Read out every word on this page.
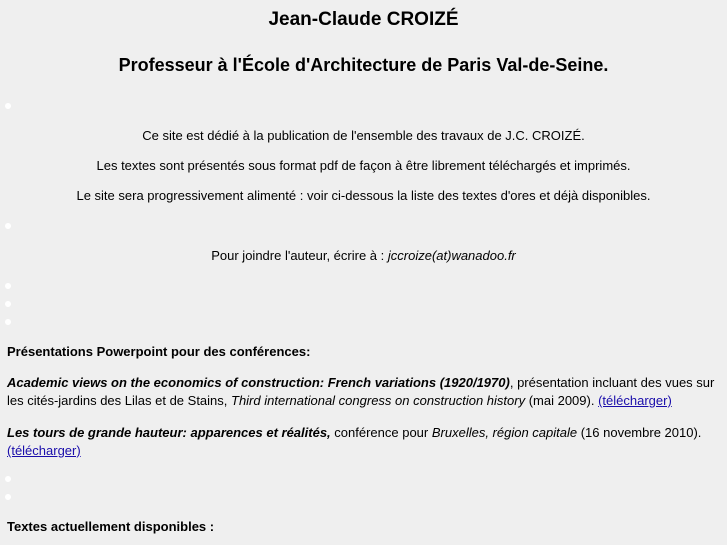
Jean-Claude CROIZÉ
Professeur à l'École d'Architecture de Paris Val-de-Seine.
Ce site est dédié à la publication de l'ensemble des travaux de J.C. CROIZÉ.
Les textes sont présentés sous format pdf de façon à être librement téléchargés et imprimés.
Le site sera progressivement alimenté : voir ci-dessous la liste des textes d'ores et déjà disponibles.
Pour joindre l'auteur, écrire à : jccroize(at)wanadoo.fr
Présentations Powerpoint pour des conférences:
Academic views on the economics of construction: French variations (1920/1970), présentation incluant des vues sur les cités-jardins des Lilas et de Stains, Third international congress on construction history (mai 2009). (télécharger)
Les tours de grande hauteur: apparences et réalités, conférence pour Bruxelles, région capitale (16 novembre 2010). (télécharger)
Textes actuellement disponibles :
